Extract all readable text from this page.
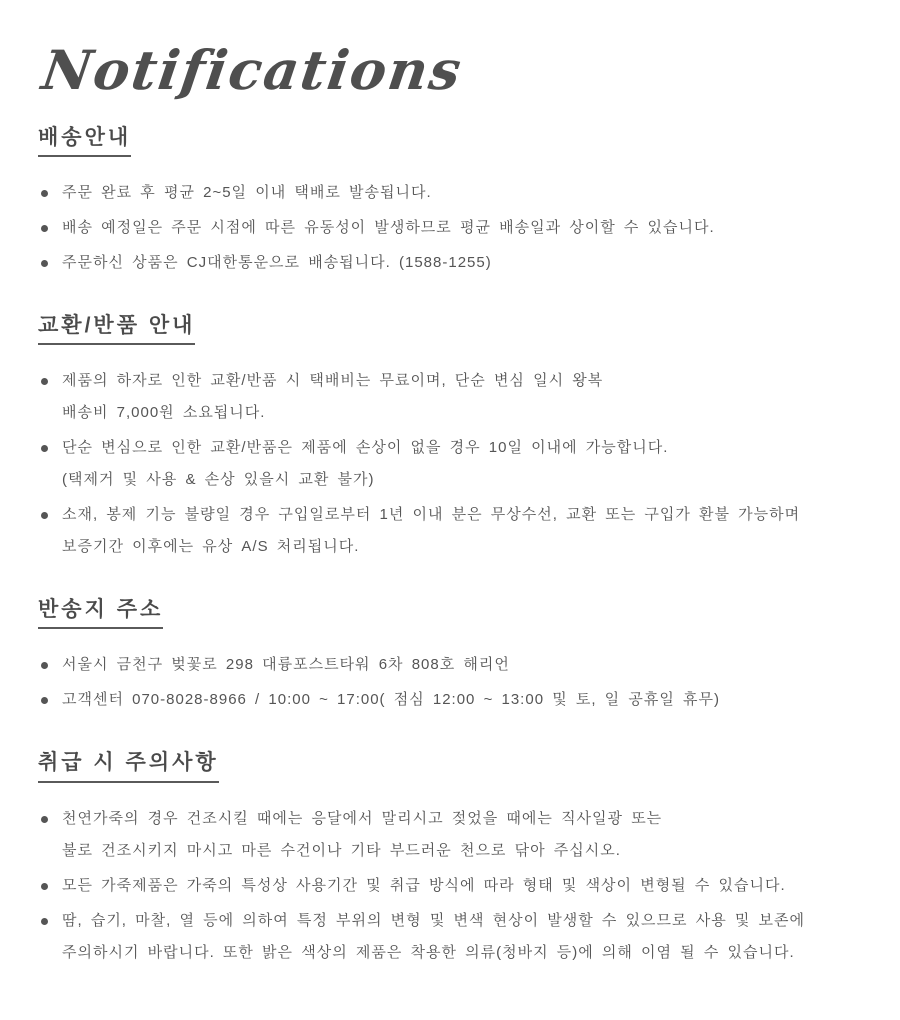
Notifications
배송안내
주문 완료 후 평균 2~5일 이내 택배로 발송됩니다.
배송 예정일은 주문 시점에 따른 유동성이 발생하므로 평균 배송일과 상이할 수 있습니다.
주문하신 상품은 CJ대한통운으로 배송됩니다. (1588-1255)
교환/반품 안내
제품의 하자로 인한 교환/반품 시 택배비는 무료이며, 단순 변심 일시 왕복
배송비 7,000원 소요됩니다.
단순 변심으로 인한 교환/반품은 제품에 손상이 없을 경우 10일 이내에 가능합니다.
(택제거 및 사용 & 손상 있을시 교환 불가)
소재, 봉제 기능 불량일 경우 구입일로부터 1년 이내 분은 무상수선, 교환 또는 구입가 환불 가능하며
보증기간 이후에는 유상 A/S 처리됩니다.
반송지 주소
서울시 금천구 벚꽃로 298 대륭포스트타워 6차 808호 해리언
고객센터 070-8028-8966 / 10:00 ~ 17:00( 점심 12:00 ~ 13:00 및 토, 일 공휴일 휴무)
취급 시 주의사항
천연가죽의 경우 건조시킬 때에는 응달에서 말리시고 젖었을 때에는 직사일광 또는
불로 건조시키지 마시고 마른 수건이나 기타 부드러운 천으로 닦아 주십시오.
모든 가죽제품은 가죽의 특성상 사용기간 및 취급 방식에 따라 형태 및 색상이 변형될 수 있습니다.
땀, 습기, 마찰, 열 등에 의하여 특정 부위의 변형 및 변색 현상이 발생할 수 있으므로 사용 및 보존에
주의하시기 바랍니다. 또한 밝은 색상의 제품은 착용한 의류(청바지 등)에 의해 이염 될 수 있습니다.
